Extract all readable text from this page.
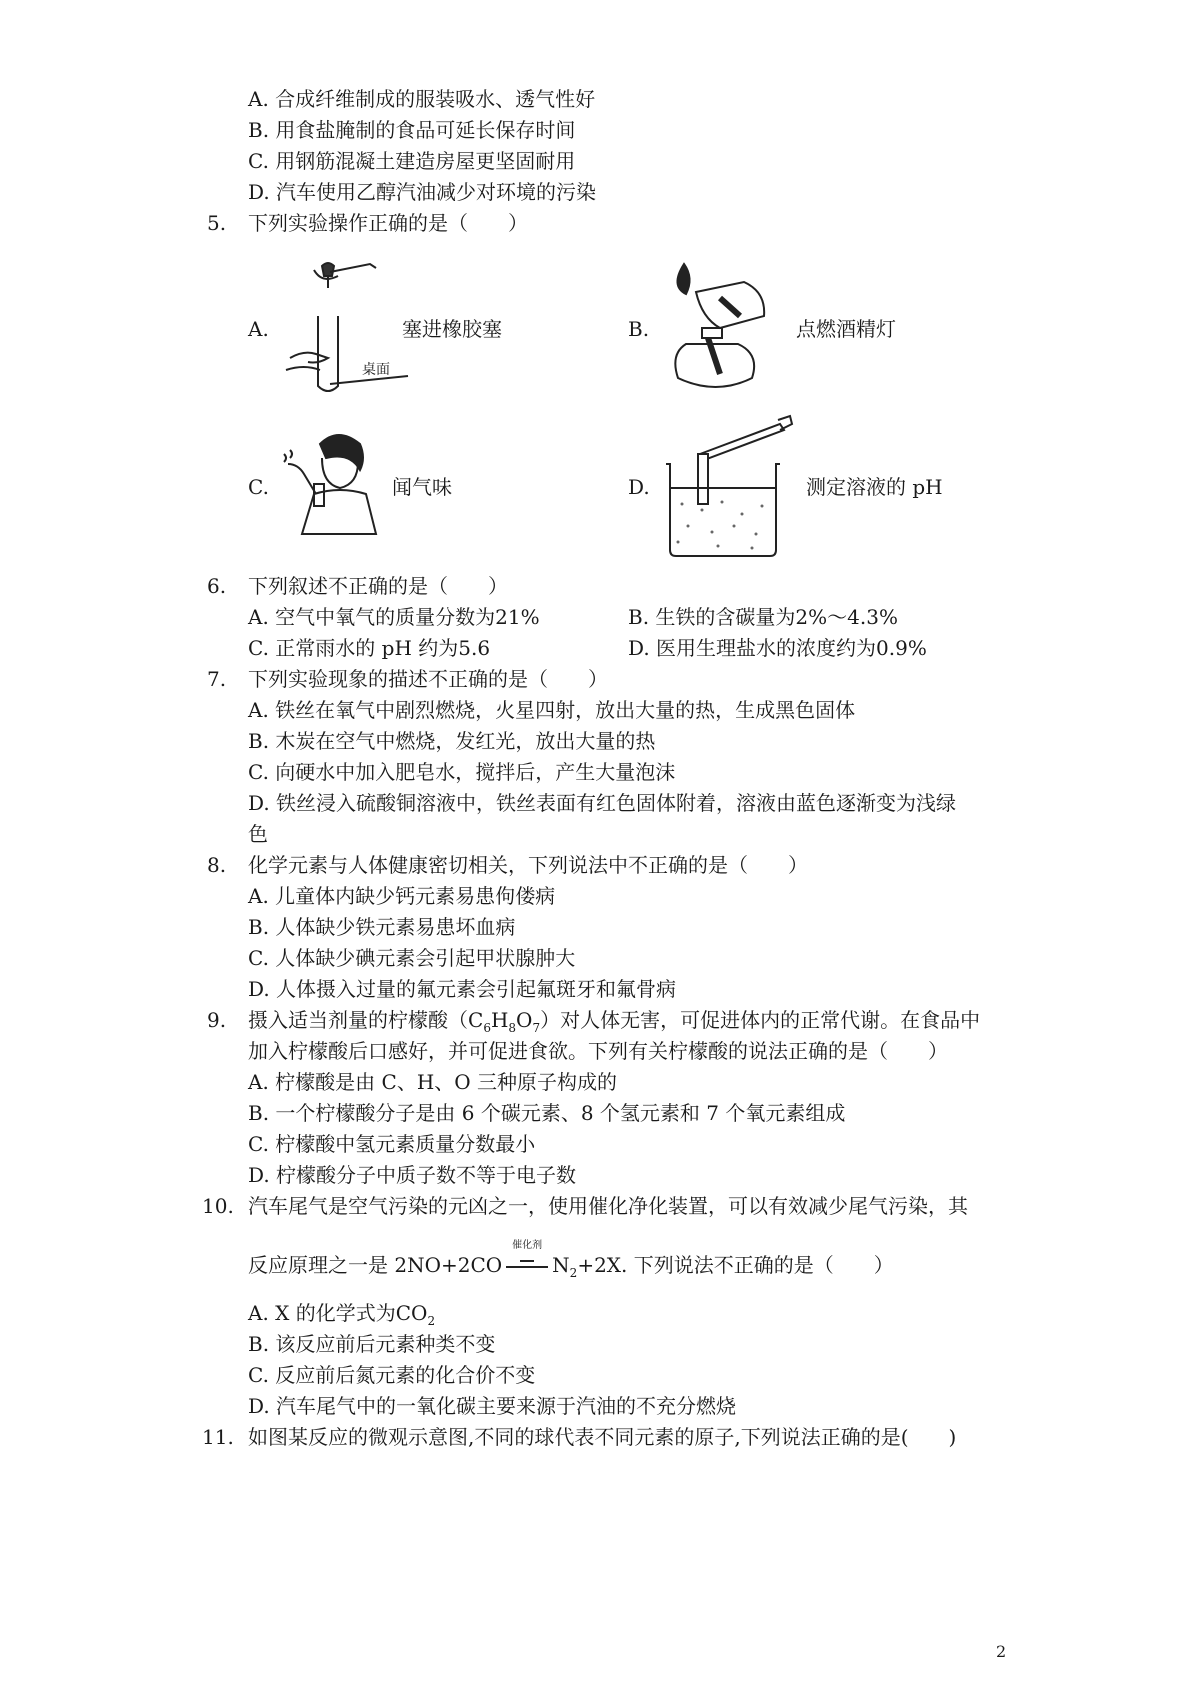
A. 合成纤维制成的服装吸水、透气性好
B. 用食盐腌制的食品可延长保存时间
C. 用钢筋混凝土建造房屋更坚固耐用
D. 汽车使用乙醇汽油减少对环境的污染
5. 下列实验操作正确的是（　　）
A.
桌面
塞进橡胶塞	B.	点燃酒精灯
C.	闻气味	D.	测定溶液的 pH
6. 下列叙述不正确的是（　　）
A. 空气中氧气的质量分数为21%	B. 生铁的含碳量为2%～4.3%
C. 正常雨水的 pH 约为5.6	D. 医用生理盐水的浓度约为0.9%
7. 下列实验现象的描述不正确的是（　　）
A. 铁丝在氧气中剧烈燃烧，火星四射，放出大量的热，生成黑色固体
B. 木炭在空气中燃烧，发红光，放出大量的热
C. 向硬水中加入肥皂水，搅拌后，产生大量泡沫
D. 铁丝浸入硫酸铜溶液中，铁丝表面有红色固体附着，溶液由蓝色逐渐变为浅绿
色
8. 化学元素与人体健康密切相关，下列说法中不正确的是（　　）
A. 儿童体内缺少钙元素易患佝偻病
B. 人体缺少铁元素易患坏血病
C. 人体缺少碘元素会引起甲状腺肿大
D. 人体摄入过量的氟元素会引起氟斑牙和氟骨病
9. 摄入适当剂量的柠檬酸$(C_6H_8O_7)$对人体无害，可促进体内的正常代谢。在食品中
加入柠檬酸后口感好，并可促进食欲。下列有关柠檬酸的说法正确的是（　　）
A. 柠檬酸是由 C、H、O 三种原子构成的
B. 一个柠檬酸分子是由 6 个碳元素、8 个氢元素和 7 个氧元素组成
C. 柠檬酸中氢元素质量分数最小
D. 柠檬酸分子中质子数不等于电子数
10. 汽车尾气是空气污染的元凶之一，使用催化净化装置，可以有效减少尾气污染，其
反应原理之一是 2NO+2CO
催化剂
$N_2+2X$. 下列说法不正确的是（　　）
A. X 的化学式为$CO_2$
B. 该反应前后元素种类不变
C. 反应前后氮元素的化合价不变
D. 汽车尾气中的一氧化碳主要来源于汽油的不充分燃烧
11. 如图某反应的微观示意图,不同的球代表不同元素的原子,下列说法正确的是(　　)
2
